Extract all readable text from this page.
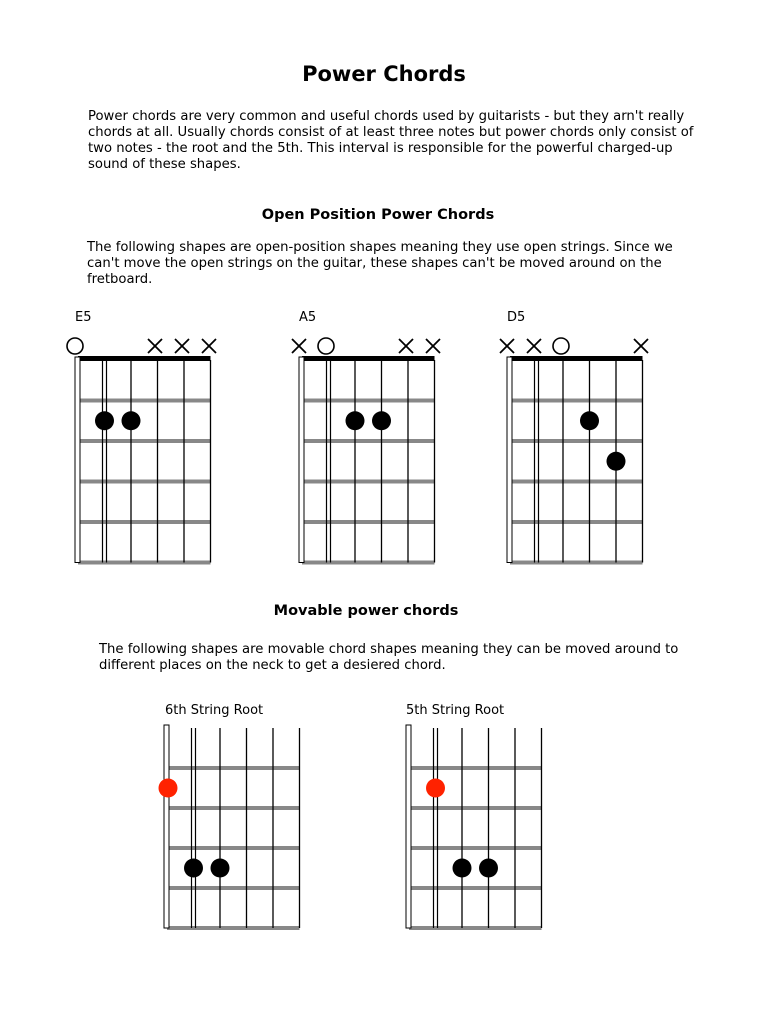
Power Chords

Power chords are very common and useful chords used by guitarists - but they arn't really chords at all. Usually chords consist of at least three notes but power chords only consist of two notes - the root and the 5th. This interval is responsible for the powerful charged-up sound of these shapes.

Open Position Power Chords

The following shapes are open-position shapes meaning they use open strings. Since we can't move the open strings on the guitar, these shapes can't be moved around on the fretboard.

E5	A5	D5
Movable power chords

The following shapes are movable chord shapes meaning they can be moved around to different places on the neck to get a desiered chord.

6th String Root	5th String Root
